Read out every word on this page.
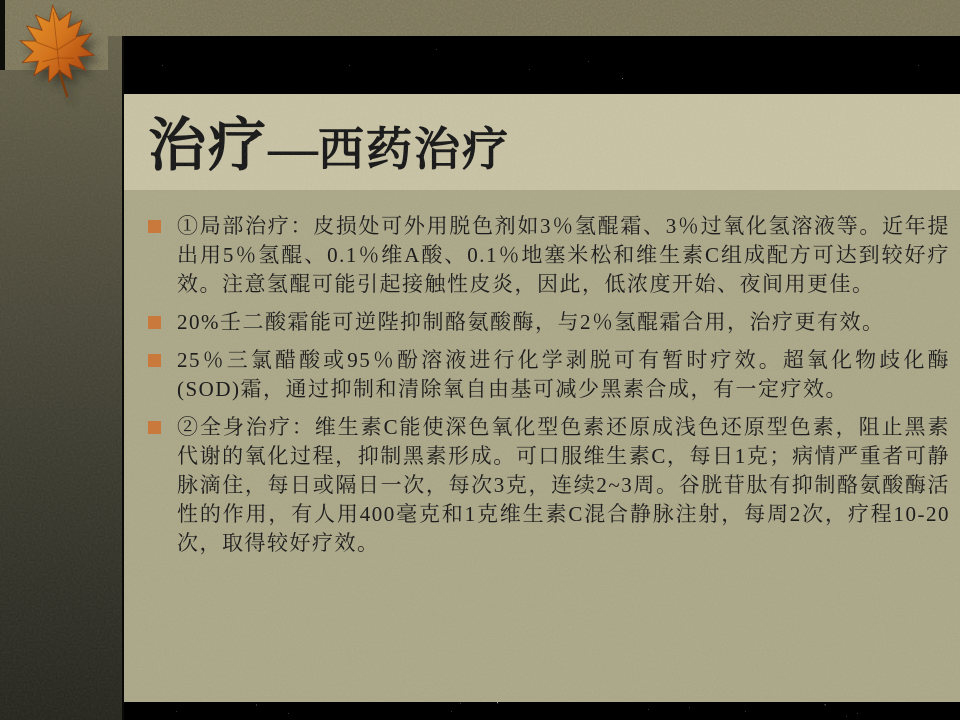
治疗—西药治疗
①局部治疗：皮损处可外用脱色剂如3％氢醌霜、3％过氧化氢溶液等。近年提出用5％氢醌、0.1％维A酸、0.1％地塞米松和维生素C组成配方可达到较好疗效。注意氢醌可能引起接触性皮炎，因此，低浓度开始、夜间用更佳。
20%壬二酸霜能可逆陛抑制酪氨酸酶，与2％氢醌霜合用，治疗更有效。
25％三氯醋酸或95％酚溶液进行化学剥脱可有暂时疗效。超氧化物歧化酶(SOD)霜，通过抑制和清除氧自由基可减少黑素合成，有一定疗效。
②全身治疗：维生素C能使深色氧化型色素还原成浅色还原型色素，阻止黑素代谢的氧化过程，抑制黑素形成。可口服维生素C，每日1克；病情严重者可静脉滴住，每日或隔日一次，每次3克，连续2~3周。谷胱苷肽有抑制酪氨酸酶活性的作用，有人用400毫克和1克维生素C混合静脉注射，每周2次，疗程10-20次，取得较好疗效。
